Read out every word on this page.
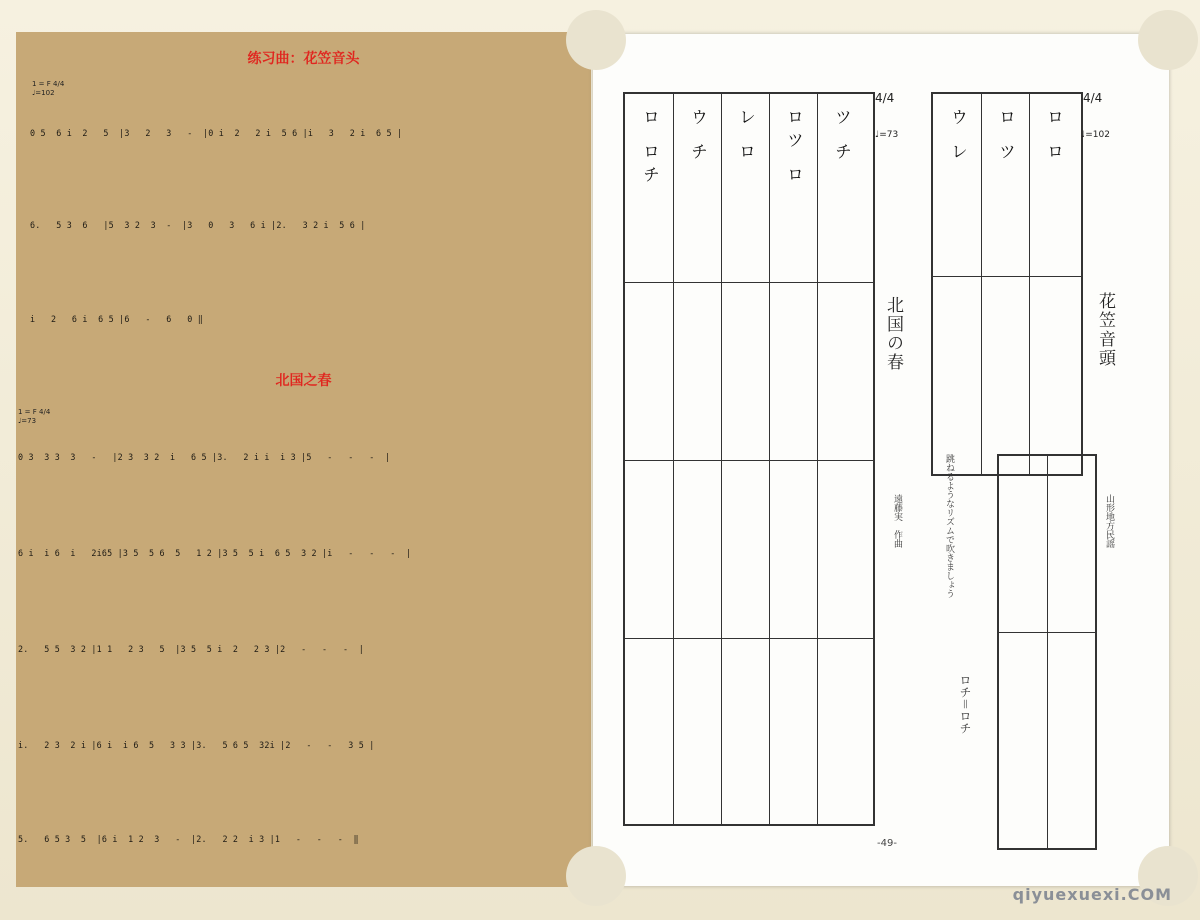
练习曲：花笠音头
1 = F 4/4
♩=102
0 5  6 i  2   5  |3   2   3   -  |0 i  2   2 i  5 6 |i   3   2 i  6 5 |
6.   5 3  6   |5  3 2  3  -  |3   0   3   6 i |2.   3 2 i  5 6 |
i   2   6 i  6 5 |6   -   6   0 ‖
北国之春
1 = F 4/4
♩=73
0 3  3 3  3   -   |2 3  3 2  i   6 5 |3.   2 i i  i 3 |5   -   -   -  |
6 i  i 6  i   2i65 |3 5  5 6  5   1 2 |3 5  5 i  6 5  3 2 |i   -   -   -  |
2.   5 5  3 2 |1 1   2 3   5  |3 5  5 i  2   2 3 |2   -   -   -  |
i.   2 3  2 i |6 i  i 6  5   3 3 |3.   5 6 5  32i |2   -   -   3 5 |
5.   6 5 3  5  |6 i  1 2  3   -  |2.   2 2  i 3 |1   -   -   -  ‖
ロ ロチ ウ チ レ ロ ロツ ロ ツ チ
4/4
♩=73
北国の春
遠藤実　作曲	跳ねるようなリズムで吹きましょう
ロチ＝ロチ
ウ レ ロ ツ ロ ロ
4/4
♩=102
花笠音頭
山形地方民謡
-49-
qiyuexuexi.COM
